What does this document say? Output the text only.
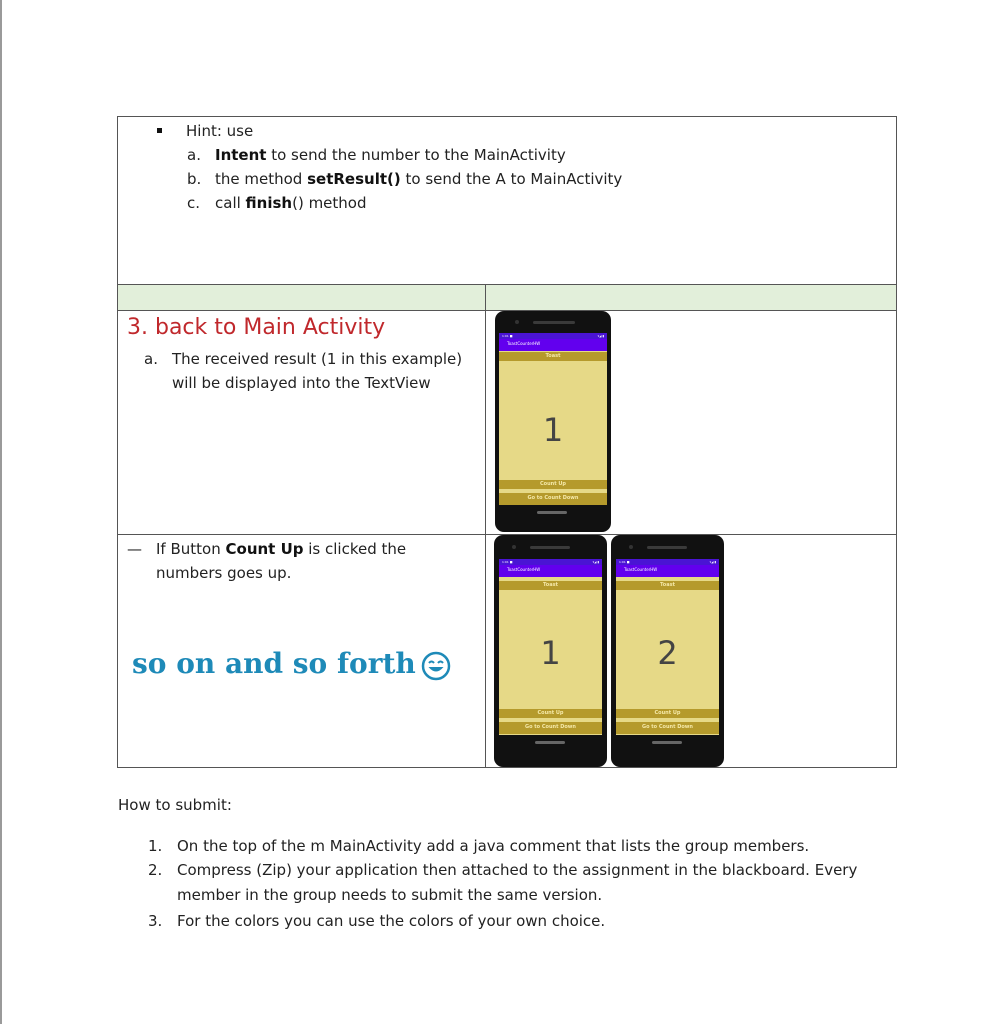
Hint: use
a. Intent to send the number to the MainActivity
b. the method setResult() to send the A to MainActivity
c. call finish() method
3. back to Main Activity
a. The received result (1 in this example)
will be displayed into the TextView
— If Button Count Up is clicked the
numbers goes up.
so on and so forth
1:01 ■	▾◢ ▮
ToastCounterHW
Toast
1
Count Up
Go to Count Down
1:01 ■	▾◢ ▮
ToastCounterHW
Toast
1
Count Up
Go to Count Down
1:01 ■	▾◢ ▮
ToastCounterHW
Toast
2
Count Up
Go to Count Down
How to submit:
1. On the top of the m MainActivity add a java comment that lists the group members.
2. Compress (Zip) your application then attached to the assignment in the blackboard. Every
member in the group needs to submit the same version.
3. For the colors you can use the colors of your own choice.
